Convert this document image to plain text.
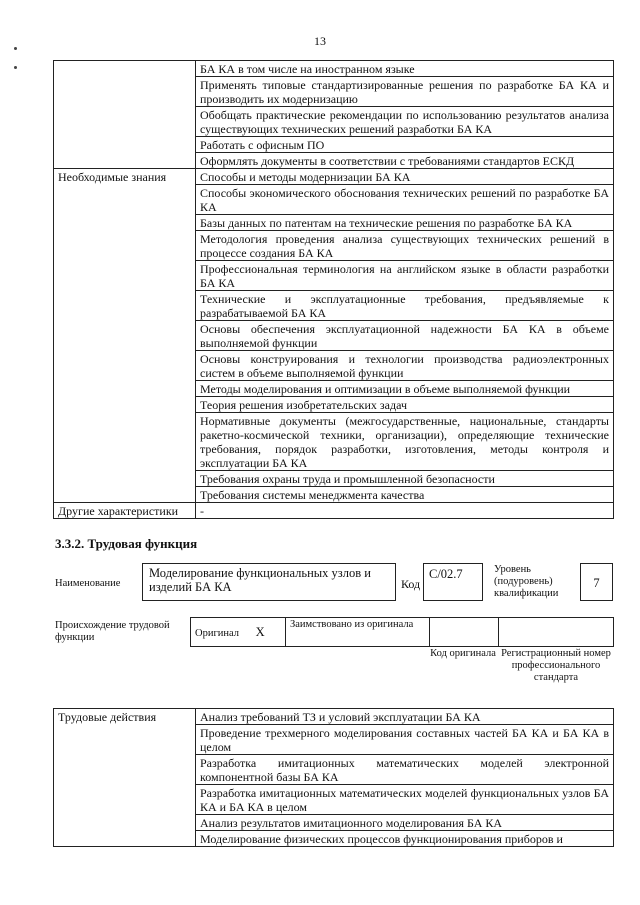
13
	БА КА в том числе на иностранном языке
	Применять типовые стандартизированные решения по разработке БА КА и производить их модернизацию
	Обобщать практические рекомендации по использованию результатов анализа существующих технических решений разработки БА КА
	Работать с офисным ПО
	Оформлять документы в соответствии с требованиями стандартов ЕСКД
Необходимые знания	Способы и методы модернизации БА КА
	Способы экономического обоснования технических решений по разработке БА КА
	Базы данных по патентам на технические решения по разработке БА КА
	Методология проведения анализа существующих технических решений в процессе создания БА КА
	Профессиональная терминология на английском языке в области разработки БА КА
	Технические и эксплуатационные требования, предъявляемые к разрабатываемой БА КА
	Основы обеспечения эксплуатационной надежности БА КА в объеме выполняемой функции
	Основы конструирования и технологии производства радиоэлектронных систем в объеме выполняемой функции
	Методы моделирования и оптимизации в объеме выполняемой функции
	Теория решения изобретательских задач
	Нормативные документы (межгосударственные, национальные, стандарты ракетно-космической техники, организации), определяющие технические требования, порядок разработки, изготовления, методы контроля и эксплуатации БА КА
	Требования охраны труда и промышленной безопасности
	Требования системы менеджмента качества
Другие характеристики	-
3.3.2. Трудовая функция
Наименование
Моделирование функциональных узлов и изделий БА КА	Код
C/02.7	Уровень (подуровень) квалификации
7
Происхождение трудовой функции	Оригинал X	Заимствовано из оригинала		
Код оригинала Регистрационный номер профессионального стандарта
Трудовые действия	Анализ требований ТЗ и условий эксплуатации БА КА
Проведение трехмерного моделирования составных частей БА КА и БА КА в целом
Разработка имитационных математических моделей электронной компонентной базы БА КА
Разработка имитационных математических моделей функциональных узлов БА КА и БА КА в целом
Анализ результатов имитационного моделирования БА КА
Моделирование физических процессов функционирования приборов и
